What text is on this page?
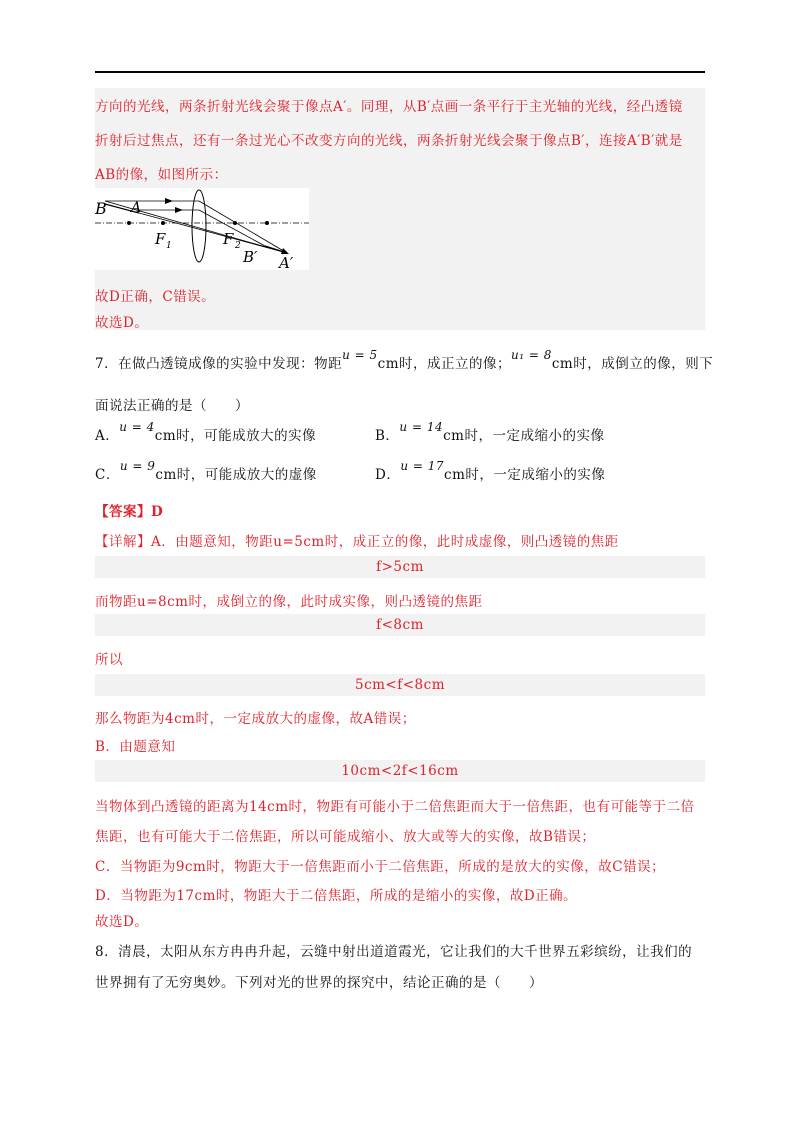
方向的光线，两条折射光线会聚于像点A′。同理，从B′点画一条平行于主光轴的光线，经凸透镜
折射后过焦点，还有一条过光心不改变方向的光线，两条折射光线会聚于像点B′，连接A′B′就是
AB的像，如图所示：
B A
F 1	F 2
B′ A′
故D正确，C错误。
故选D。
7．在做凸透镜成像的实验中发现：物距u = 5cm时，成正立的像；u₁ = 8cm时，成倒立的像，则下
面说法正确的是（　　）
A．u = 4cm时，可能成放大的实像	B．u = 14cm时，一定成缩小的实像
C．u = 9cm时，可能成放大的虚像	D．u = 17cm时，一定成缩小的实像
【答案】D
【详解】A．由题意知，物距u=5cm时，成正立的像，此时成虚像，则凸透镜的焦距
f>5cm
而物距u=8cm时，成倒立的像，此时成实像，则凸透镜的焦距
f<8cm
所以
5cm<f<8cm
那么物距为4cm时，一定成放大的虚像，故A错误；
B．由题意知
10cm<2f<16cm
当物体到凸透镜的距离为14cm时，物距有可能小于二倍焦距而大于一倍焦距，也有可能等于二倍
焦距，也有可能大于二倍焦距，所以可能成缩小、放大或等大的实像，故B错误；
C．当物距为9cm时，物距大于一倍焦距而小于二倍焦距，所成的是放大的实像，故C错误；
D．当物距为17cm时，物距大于二倍焦距，所成的是缩小的实像，故D正确。
故选D。
8．清晨，太阳从东方冉冉升起，云缝中射出道道霞光，它让我们的大千世界五彩缤纷，让我们的
世界拥有了无穷奥妙。下列对光的世界的探究中，结论正确的是（　　）
